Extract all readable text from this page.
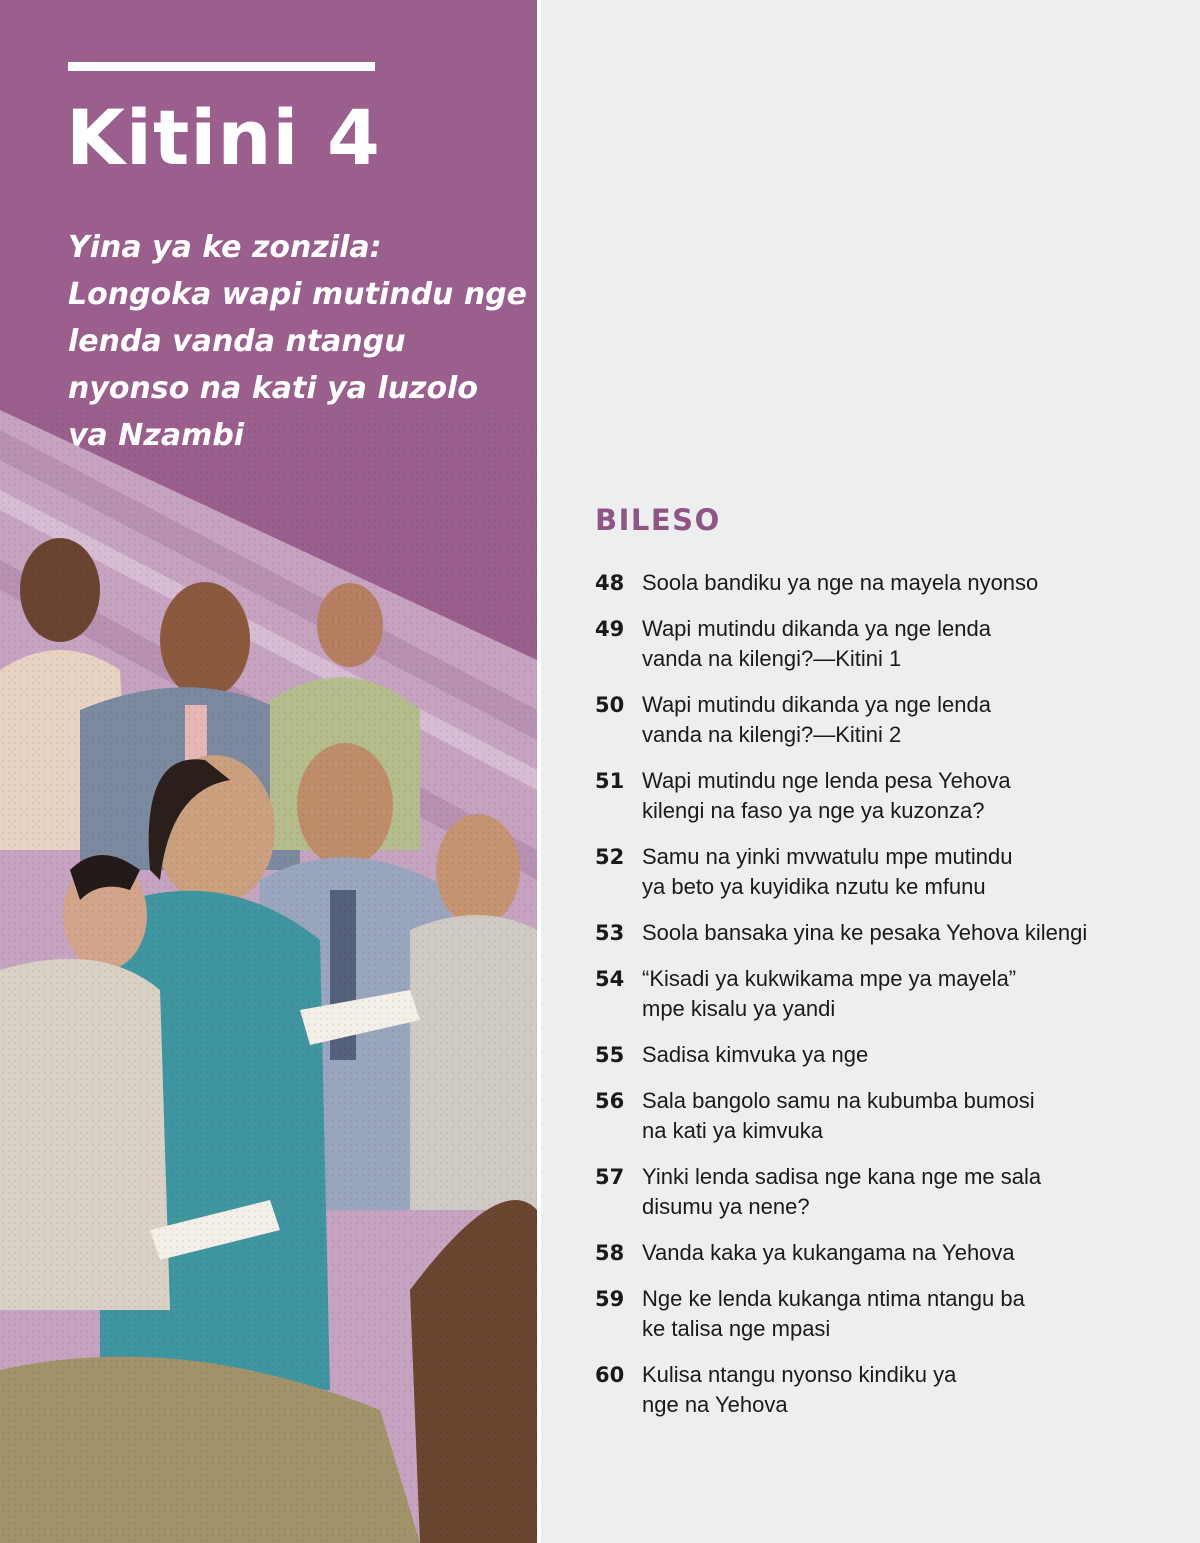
Kitini 4

Yina ya ke zonzila: Longoka wapi mutindu nge lenda vanda ntangu nyonso na kati ya luzolo

BILESO
48 Soola bandiku ya nge na mayela nyonso
49 Wapi mutindu dikanda ya nge lenda
vanda na kilengi?—Kitini 1
50 Wapi mutindu dikanda ya nge lenda
vanda na kilengi?—Kitini 2
51 Wapi mutindu nge lenda pesa Yehova
kilengi na faso ya nge ya kuzonza?
52 Samu na yinki mvwatulu mpe mutindu
ya beto ya kuyidika nzutu ke mfunu
53 Soola bansaka yina ke pesaka Yehova kilengi
54 “Kisadi ya kukwikama mpe ya mayela”
mpe kisalu ya yandi
55 Sadisa kimvuka ya nge
56 Sala bangolo samu na kubumba bumosi
na kati ya kimvuka
57 Yinki lenda sadisa nge kana nge me sala
disumu ya nene?
58 Vanda kaka ya kukangama na Yehova
59 Nge ke lenda kukanga ntima ntangu ba
ke talisa nge mpasi
60 Kulisa ntangu nyonso kindiku ya
nge na Yehova
